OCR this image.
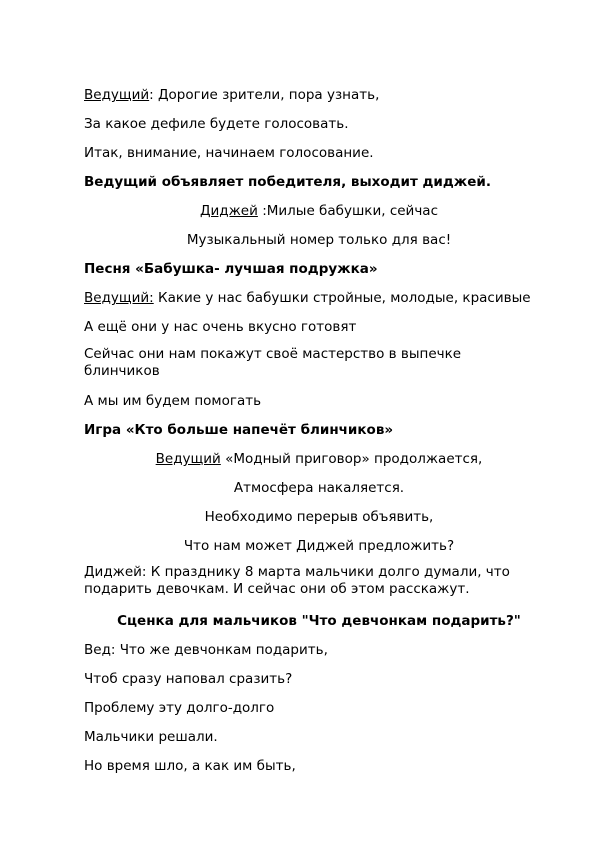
Ведущий: Дорогие зрители, пора узнать,
За какое дефиле будете голосовать.
Итак, внимание, начинаем голосование.
Ведущий объявляет победителя, выходит диджей.
Диджей :Милые бабушки, сейчас
Музыкальный номер только для вас!
Песня «Бабушка- лучшая подружка»
Ведущий: Какие у нас бабушки стройные, молодые, красивые
А ещё они у нас очень вкусно готовят
Сейчас они нам покажут своё мастерство в выпечке блинчиков
А мы им будем помогать
Игра «Кто больше напечёт блинчиков»
Ведущий «Модный приговор» продолжается,
Атмосфера накаляется.
Необходимо перерыв объявить,
Что нам может Диджей предложить?
Диджей: К празднику 8 марта мальчики долго думали, что подарить девочкам. И сейчас они об этом расскажут.
Сценка для мальчиков "Что девчонкам подарить?"
Вед: Что же девчонкам подарить,
Чтоб сразу наповал сразить?
Проблему эту долго-долго
Мальчики решали.
Но время шло, а как им быть,
